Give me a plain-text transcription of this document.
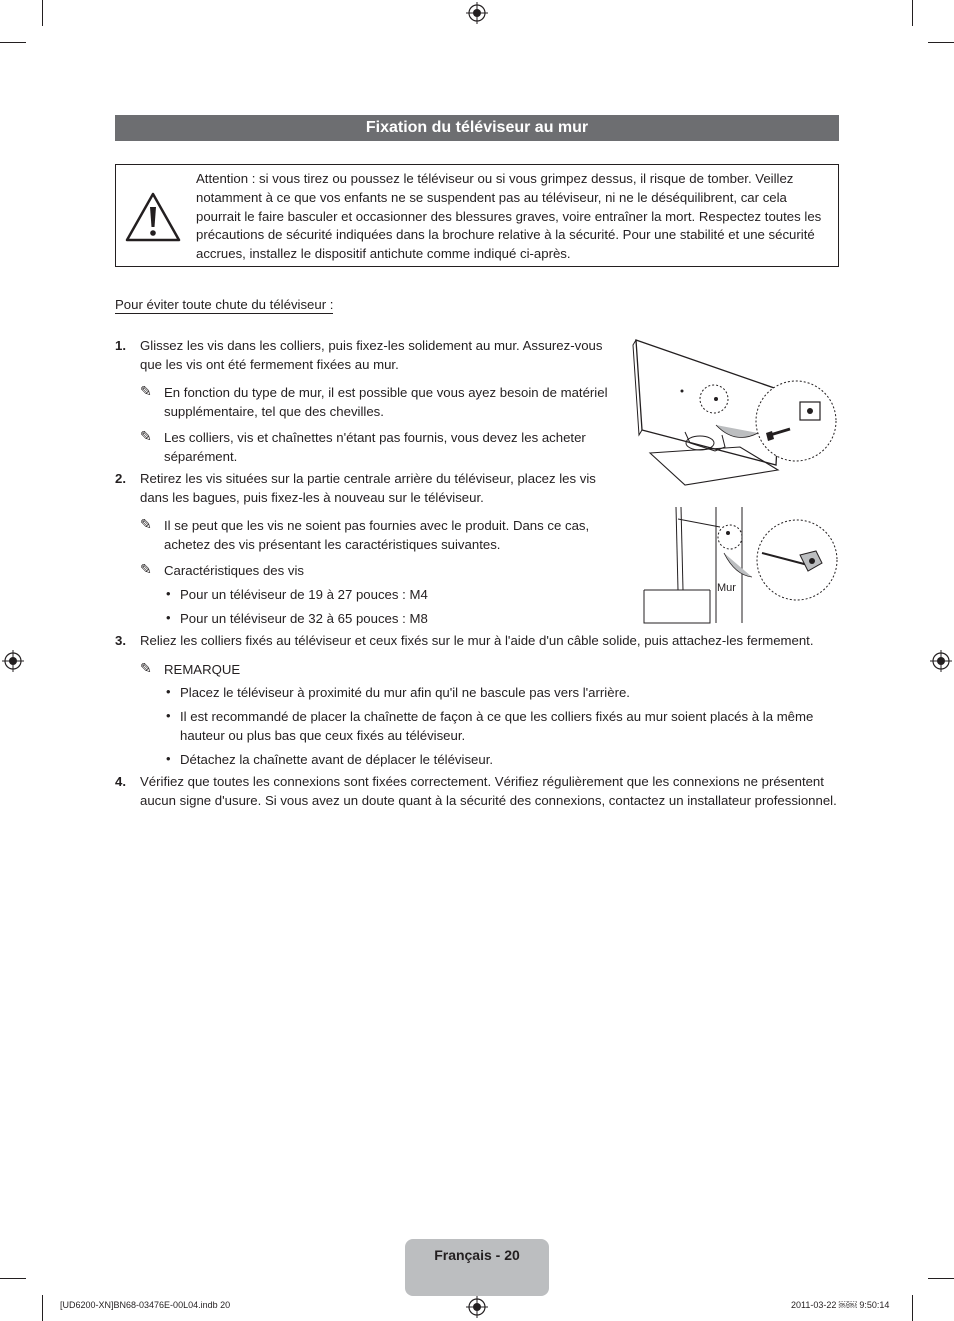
Fixation du téléviseur au mur
Attention : si vous tirez ou poussez le téléviseur ou si vous grimpez dessus, il risque de tomber. Veillez notamment à ce que vos enfants ne se suspendent pas au téléviseur, ni ne le déséquilibrent, car cela pourrait le faire basculer et occasionner des blessures graves, voire entraîner la mort. Respectez toutes les précautions de sécurité indiquées dans la brochure relative à la sécurité. Pour une stabilité et une sécurité accrues, installez le dispositif antichute comme indiqué ci-après.
Pour éviter toute chute du téléviseur :
1. Glissez les vis dans les colliers, puis fixez-les solidement au mur. Assurez-vous que les vis ont été fermement fixées au mur.
✎ En fonction du type de mur, il est possible que vous ayez besoin de matériel supplémentaire, tel que des chevilles.
✎ Les colliers, vis et chaînettes n'étant pas fournis, vous devez les acheter séparément.
2. Retirez les vis situées sur la partie centrale arrière du téléviseur, placez les vis dans les bagues, puis fixez-les à nouveau sur le téléviseur.
✎ Il se peut que les vis ne soient pas fournies avec le produit. Dans ce cas, achetez des vis présentant les caractéristiques suivantes.
✎ Caractéristiques des vis
• Pour un téléviseur de 19 à 27 pouces : M4
• Pour un téléviseur de 32 à 65 pouces : M8
3. Reliez les colliers fixés au téléviseur et ceux fixés sur le mur à l'aide d'un câble solide, puis attachez-les fermement.
✎ REMARQUE
• Placez le téléviseur à proximité du mur afin qu'il ne bascule pas vers l'arrière.
• Il est recommandé de placer la chaînette de façon à ce que les colliers fixés au mur soient placés à la même hauteur ou plus bas que ceux fixés au téléviseur.
• Détachez la chaînette avant de déplacer le téléviseur.
4. Vérifiez que toutes les connexions sont fixées correctement. Vérifiez régulièrement que les connexions ne présentent aucun signe d'usure. Si vous avez un doute quant à la sécurité des connexions, contactez un installateur professionnel.
Mur
Français - 20
[UD6200-XN]BN68-03476E-00L04.indb 20	2011-03-22 ￼￼ 9:50:14
